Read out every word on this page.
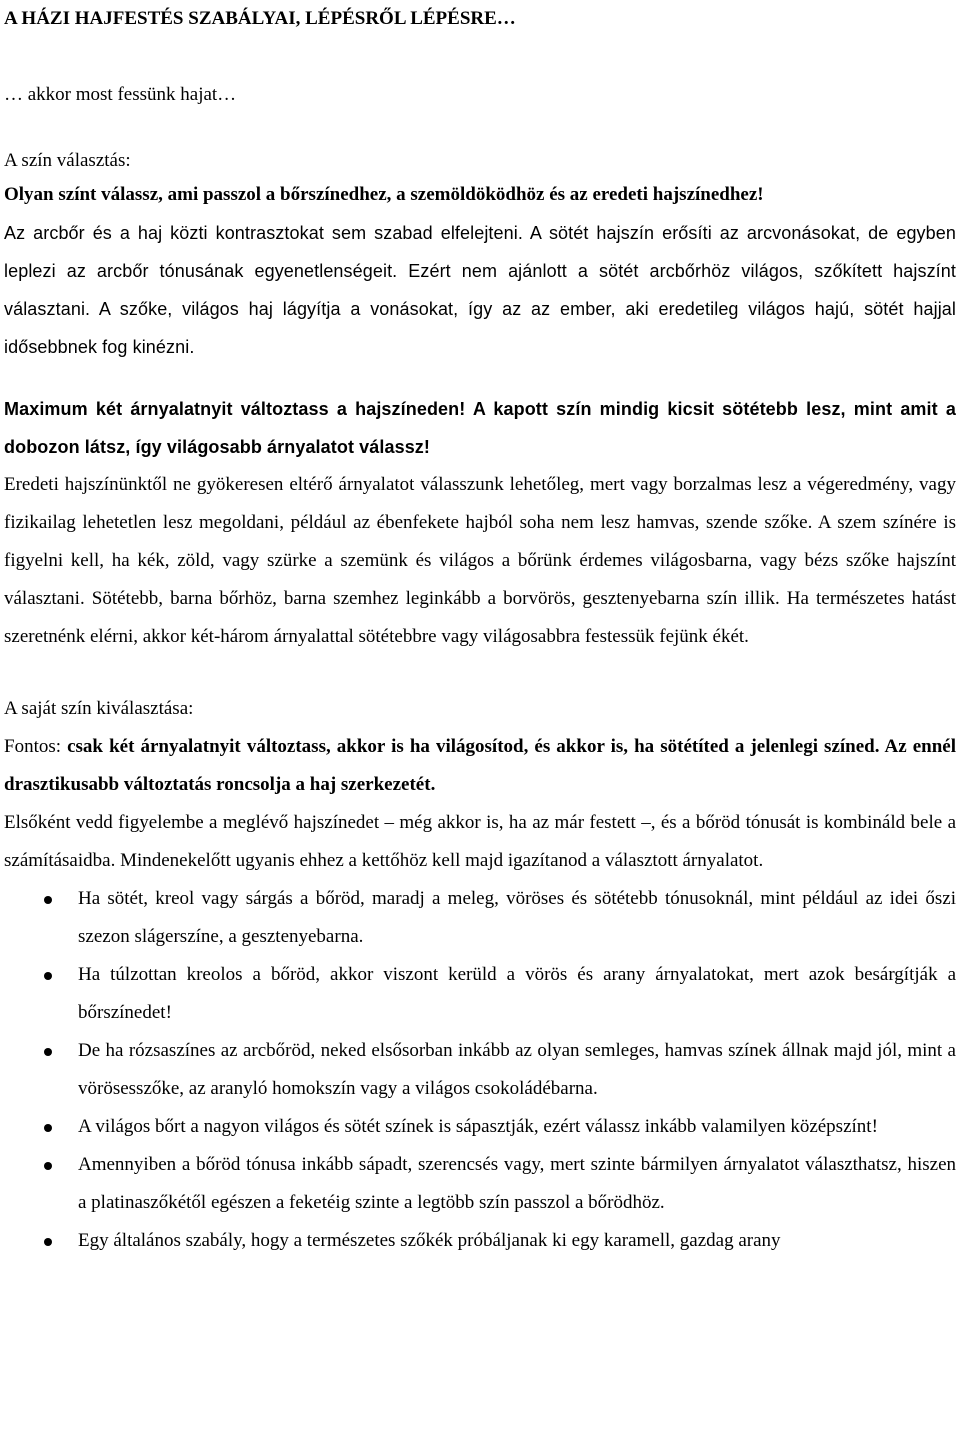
A HÁZI HAJFESTÉS SZABÁLYAI, LÉPÉSRŐL LÉPÉSRE…

… akkor most fessünk hajat…

A szín választás:

Olyan színt válassz, ami passzol a bőrszínedhez, a szemöldöködhöz és az eredeti hajszínedhez!

Az arcbőr és a haj közti kontrasztokat sem szabad elfelejteni. A sötét hajszín erősíti az arcvonásokat, de egyben leplezi az arcbőr tónusának egyenetlenségeit. Ezért nem ajánlott a sötét arcbőrhöz világos, szőkített hajszínt választani. A szőke, világos haj lágyítja a vonásokat, így az az ember, aki eredetileg világos hajú, sötét hajjal idősebbnek fog kinézni.

Maximum két árnyalatnyit változtass a hajszíneden! A kapott szín mindig kicsit sötétebb lesz, mint amit a dobozon látsz, így világosabb árnyalatot válassz!

Eredeti hajszínünktől ne gyökeresen eltérő árnyalatot válasszunk lehetőleg, mert vagy borzalmas lesz a végeredmény, vagy fizikailag lehetetlen lesz megoldani, például az ébenfekete hajból soha nem lesz hamvas, szende szőke. A szem színére is figyelni kell, ha kék, zöld, vagy szürke a szemünk és világos a bőrünk érdemes világosbarna, vagy bézs szőke hajszínt választani. Sötétebb, barna bőrhöz, barna szemhez leginkább a borvörös, gesztenyebarna szín illik. Ha természetes hatást szeretnénk elérni, akkor két-három árnyalattal sötétebbre vagy világosabbra festessük fejünk ékét.

A saját szín kiválasztása:

Fontos: csak két árnyalatnyit változtass, akkor is ha világosítod, és akkor is, ha sötétíted a jelenlegi színed. Az ennél drasztikusabb változtatás roncsolja a haj szerkezetét.

Elsőként vedd figyelembe a meglévő hajszínedet – még akkor is, ha az már festett –, és a bőröd tónusát is kombináld bele a számításaidba. Mindenekelőtt ugyanis ehhez a kettőhöz kell majd igazítanod a választott árnyalatot.

Ha sötét, kreol vagy sárgás a bőröd, maradj a meleg, vöröses és sötétebb tónusoknál, mint például az idei őszi szezon slágerszíne, a gesztenyebarna.
Ha túlzottan kreolos a bőröd, akkor viszont kerüld a vörös és arany árnyalatokat, mert azok besárgítják a bőrszínedet!
De ha rózsaszínes az arcbőröd, neked elsősorban inkább az olyan semleges, hamvas színek állnak majd jól, mint a vörösesszőke, az aranyló homokszín vagy a világos csokoládébarna.
A világos bőrt a nagyon világos és sötét színek is sápasztják, ezért válassz inkább valamilyen középszínt!
Amennyiben a bőröd tónusa inkább sápadt, szerencsés vagy, mert szinte bármilyen árnyalatot választhatsz, hiszen a platinaszőkétől egészen a feketéig szinte a legtöbb szín passzol a bőrödhöz.
Egy általános szabály, hogy a természetes szőkék próbáljanak ki egy karamell, gazdag arany
